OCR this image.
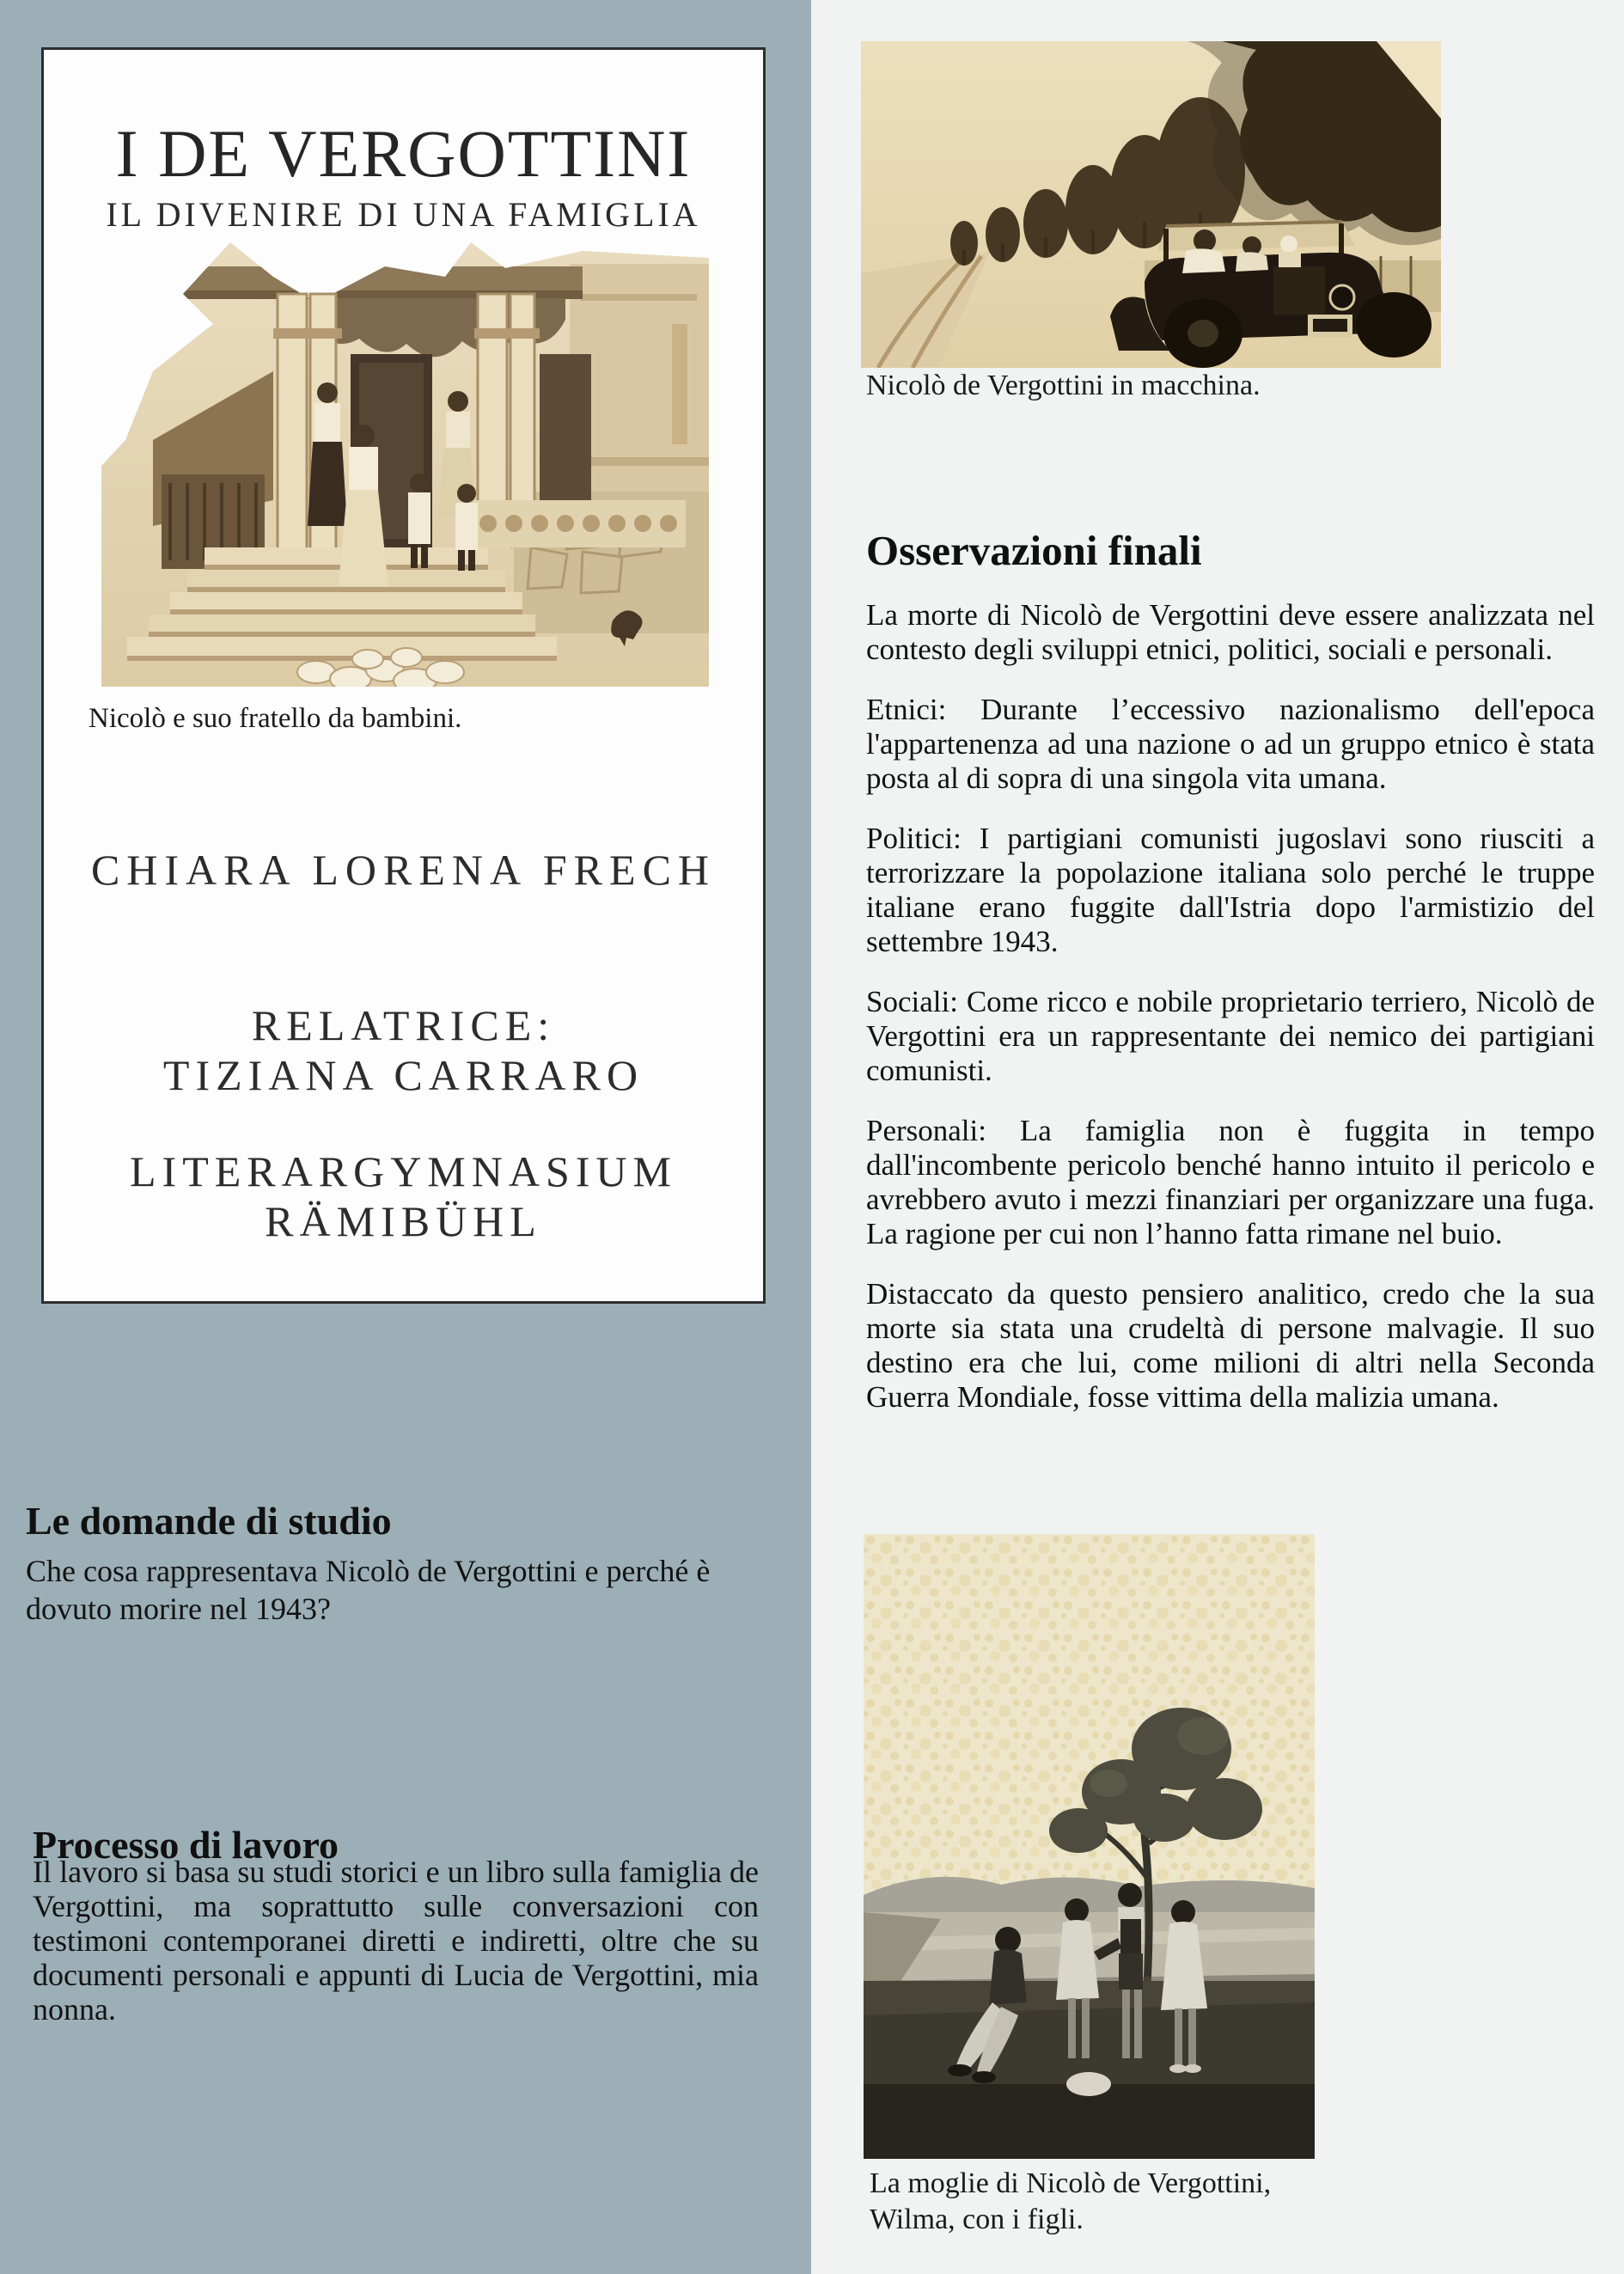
I DE VERGOTTINI
IL DIVENIRE DI UNA FAMIGLIA
Nicolò e suo fratello da bambini.
CHIARA LORENA FRECH
RELATRICE:
TIZIANA CARRARO
LITERARGYMNASIUM
RÄMIBÜHL
Le domande di studio
Che cosa rappresentava Nicolò de Vergottini e perché è dovuto morire nel 1943?
Processo di lavoro
Il lavoro si basa su studi storici e un libro sulla famiglia de Vergottini, ma soprattutto sulle conversazioni con testimoni contemporanei diretti e indiretti, oltre che su documenti personali e appunti di Lucia de Vergottini, mia nonna.
Nicolò de Vergottini in macchina.
Osservazioni finali

La morte di Nicolò de Vergottini deve essere analizzata nel contesto degli sviluppi etnici, politici, sociali e personali.

Etnici: Durante l’eccessivo nazionalismo dell'epoca l'appartenenza ad una nazione o ad un gruppo etnico è stata posta al di sopra di una singola vita umana.

Politici: I partigiani comunisti jugoslavi sono riusciti a terrorizzare la popolazione italiana solo perché le truppe italiane erano fuggite dall'Istria dopo l'armistizio del settembre 1943.

Sociali: Come ricco e nobile proprietario terriero, Nicolò de Vergottini era un rappresentante dei nemico dei partigiani comunisti.

Personali: La famiglia non è fuggita in tempo dall'incombente pericolo benché hanno intuito il pericolo e avrebbero avuto i mezzi finanziari per organizzare una fuga. La ragione per cui non l’hanno fatta rimane nel buio.

Distaccato da questo pensiero analitico, credo che la sua morte sia stata una crudeltà di persone malvagie. Il suo destino era che lui, come milioni di altri nella Seconda Guerra Mondiale, fosse vittima della malizia umana.

La moglie di Nicolò de Vergottini,
Wilma, con i figli.
